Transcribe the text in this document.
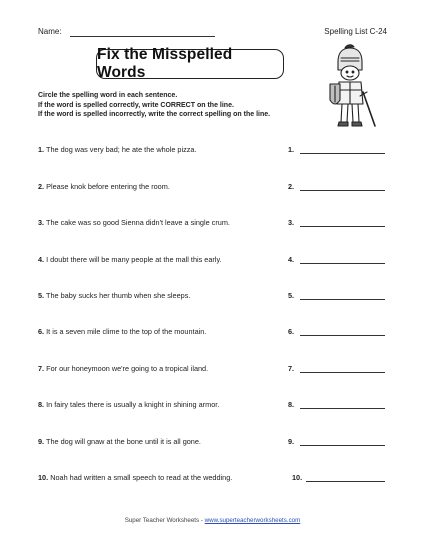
Name:	Spelling List C-24
Fix the Misspelled Words
Circle the spelling word in each sentence.
If the word is spelled correctly, write CORRECT on the line.
If the word is spelled incorrectly, write the correct spelling on the line.
1. The dog was very bad; he ate the whole pizza.	1.
2. Please knok before entering the room.	2.
3. The cake was so good Sienna didn't leave a single crum.	3.
4. I doubt there will be many people at the mall this early.	4.
5. The baby sucks her thumb when she sleeps.	5.
6. It is a seven mile clime to the top of the mountain.	6.
7. For our honeymoon we're going to a tropical iland.	7.
8. In fairy tales there is usually a knight in shining armor.	8.
9. The dog will gnaw at the bone until it is all gone.	9.
10. Noah had written a small speech to read at the wedding.	10.
Super Teacher Worksheets - www.superteacherworksheets.com
